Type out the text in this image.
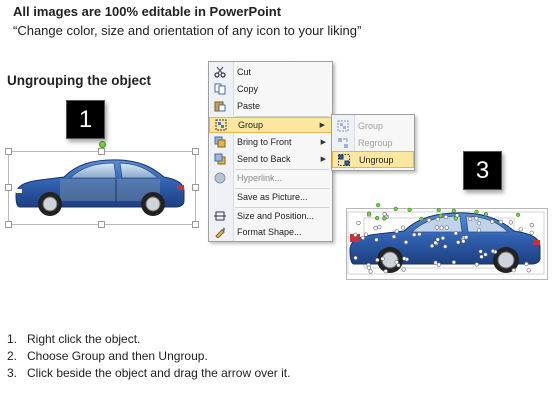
All images are 100% editable in PowerPoint
“Change color, size and orientation of any icon to your liking”
Ungrouping the object
1
3
Cut
Copy
Paste
Group	▶
Bring to Front	▶
Send to Back	▶
Hyperlink...
Save as Picture...
Size and Position...
Format Shape...
Group
Regroup
Ungroup
1. Right click the object.
2. Choose Group and then Ungroup.
3. Click beside the object and drag the arrow over it.
